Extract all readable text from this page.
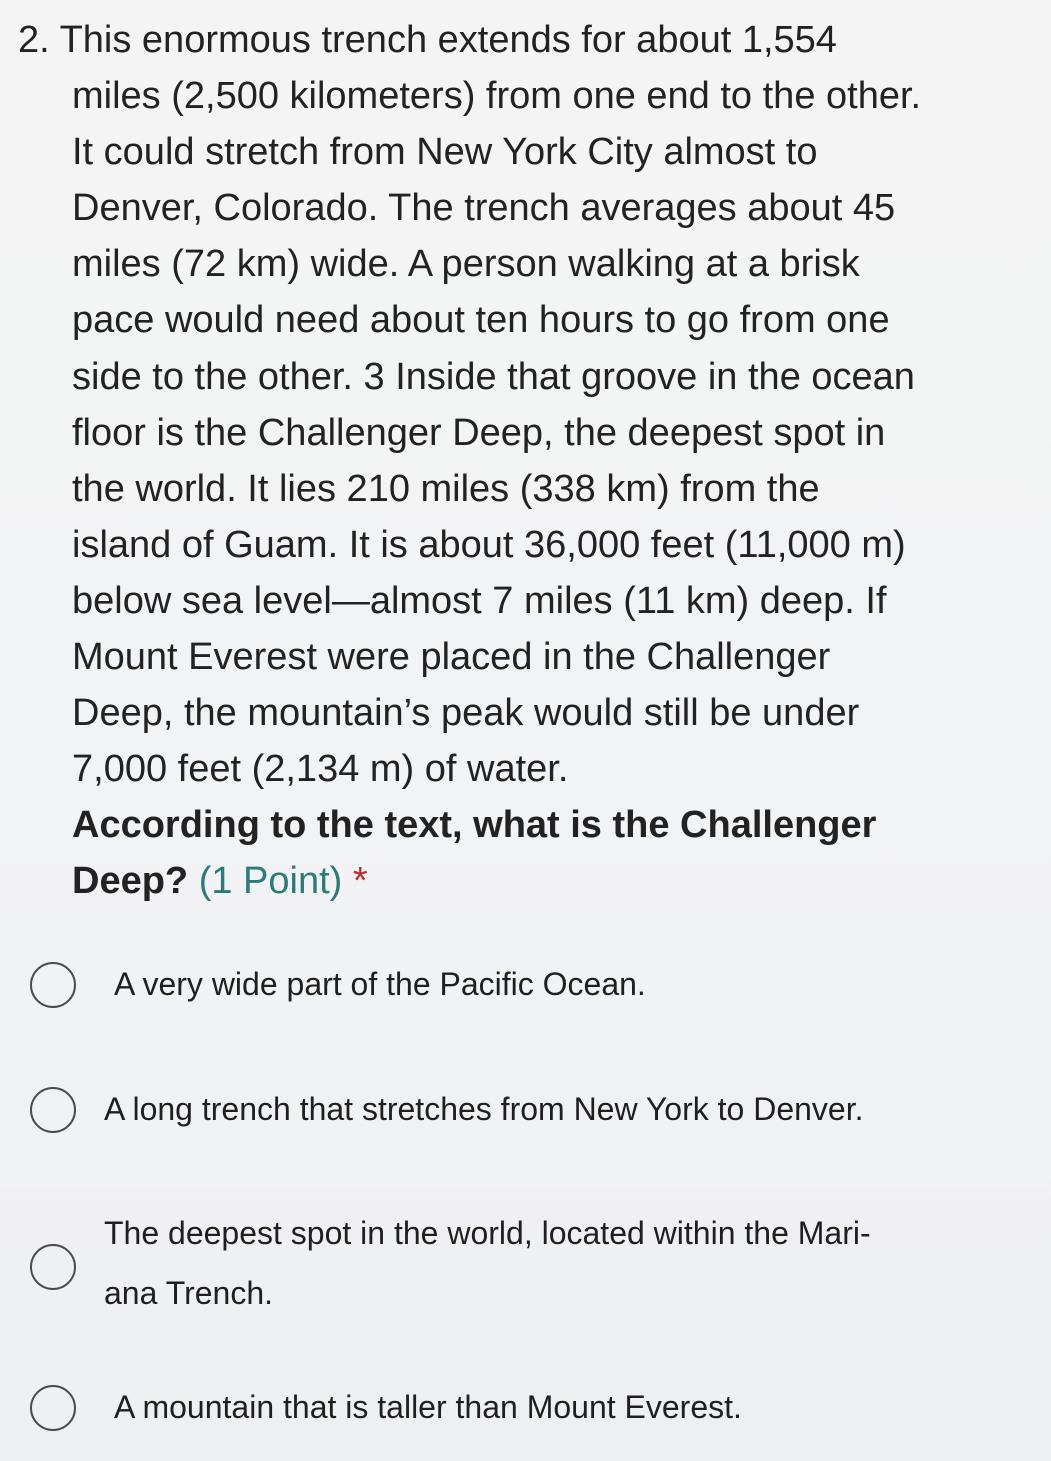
2. This enormous trench extends for about 1,554
miles (2,500 kilometers) from one end to the other.
It could stretch from New York City almost to
Denver, Colorado. The trench averages about 45
miles (72 km) wide. A person walking at a brisk
pace would need about ten hours to go from one
side to the other. 3 Inside that groove in the ocean
floor is the Challenger Deep, the deepest spot in
the world. It lies 210 miles (338 km) from the
island of Guam. It is about 36,000 feet (11,000 m)
below sea level—almost 7 miles (11 km) deep. If
Mount Everest were placed in the Challenger
Deep, the mountain’s peak would still be under
7,000 feet (2,134 m) of water.
According to the text, what is the Challenger
Deep? (1 Point) *
A very wide part of the Pacific Ocean.
A long trench that stretches from New York to Denver.
The deepest spot in the world, located within the Mari-
ana Trench.
A mountain that is taller than Mount Everest.
